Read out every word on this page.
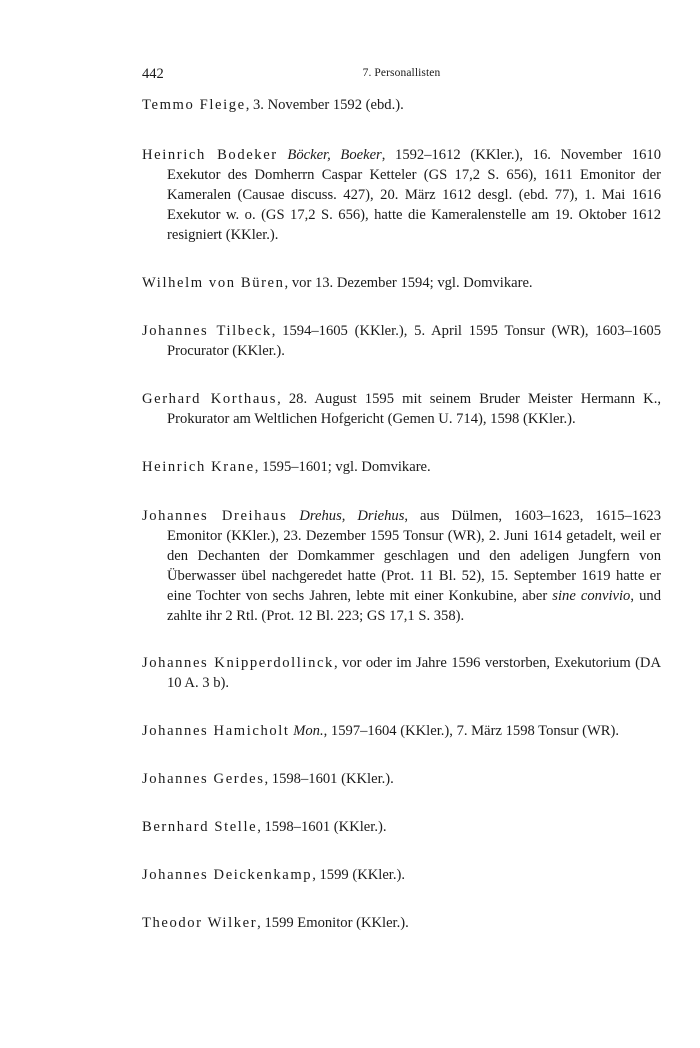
442	7. Personallisten

Temmo Fleige, 3. November 1592 (ebd.).

Heinrich Bodeker Böcker, Boeker, 1592–1612 (KKler.), 16. November 1610 Exekutor des Domherrn Caspar Ketteler (GS 17,2 S. 656), 1611 Emonitor der Kameralen (Causae discuss. 427), 20. März 1612 desgl. (ebd. 77), 1. Mai 1616 Exekutor w. o. (GS 17,2 S. 656), hatte die Kameralenstelle am 19. Oktober 1612 resigniert (KKler.).

Wilhelm von Büren, vor 13. Dezember 1594; vgl. Domvikare.

Johannes Tilbeck, 1594–1605 (KKler.), 5. April 1595 Tonsur (WR), 1603–1605 Procurator (KKler.).

Gerhard Korthaus, 28. August 1595 mit seinem Bruder Meister Hermann K., Prokurator am Weltlichen Hofgericht (Gemen U. 714), 1598 (KKler.).

Heinrich Krane, 1595–1601; vgl. Domvikare.

Johannes Dreihaus Drehus, Driehus, aus Dülmen, 1603–1623, 1615–1623 Emonitor (KKler.), 23. Dezember 1595 Tonsur (WR), 2. Juni 1614 getadelt, weil er den Dechanten der Domkammer geschlagen und den adeligen Jungfern von Überwasser übel nachgeredet hatte (Prot. 11 Bl. 52), 15. September 1619 hatte er eine Tochter von sechs Jahren, lebte mit einer Konkubine, aber sine convivio, und zahlte ihr 2 Rtl. (Prot. 12 Bl. 223; GS 17,1 S. 358).

Johannes Knipperdollinck, vor oder im Jahre 1596 verstorben, Exekutorium (DA 10 A. 3 b).

Johannes Hamicholt Mon., 1597–1604 (KKler.), 7. März 1598 Tonsur (WR).

Johannes Gerdes, 1598–1601 (KKler.).

Bernhard Stelle, 1598–1601 (KKler.).

Johannes Deickenkamp, 1599 (KKler.).

Theodor Wilker, 1599 Emonitor (KKler.).
